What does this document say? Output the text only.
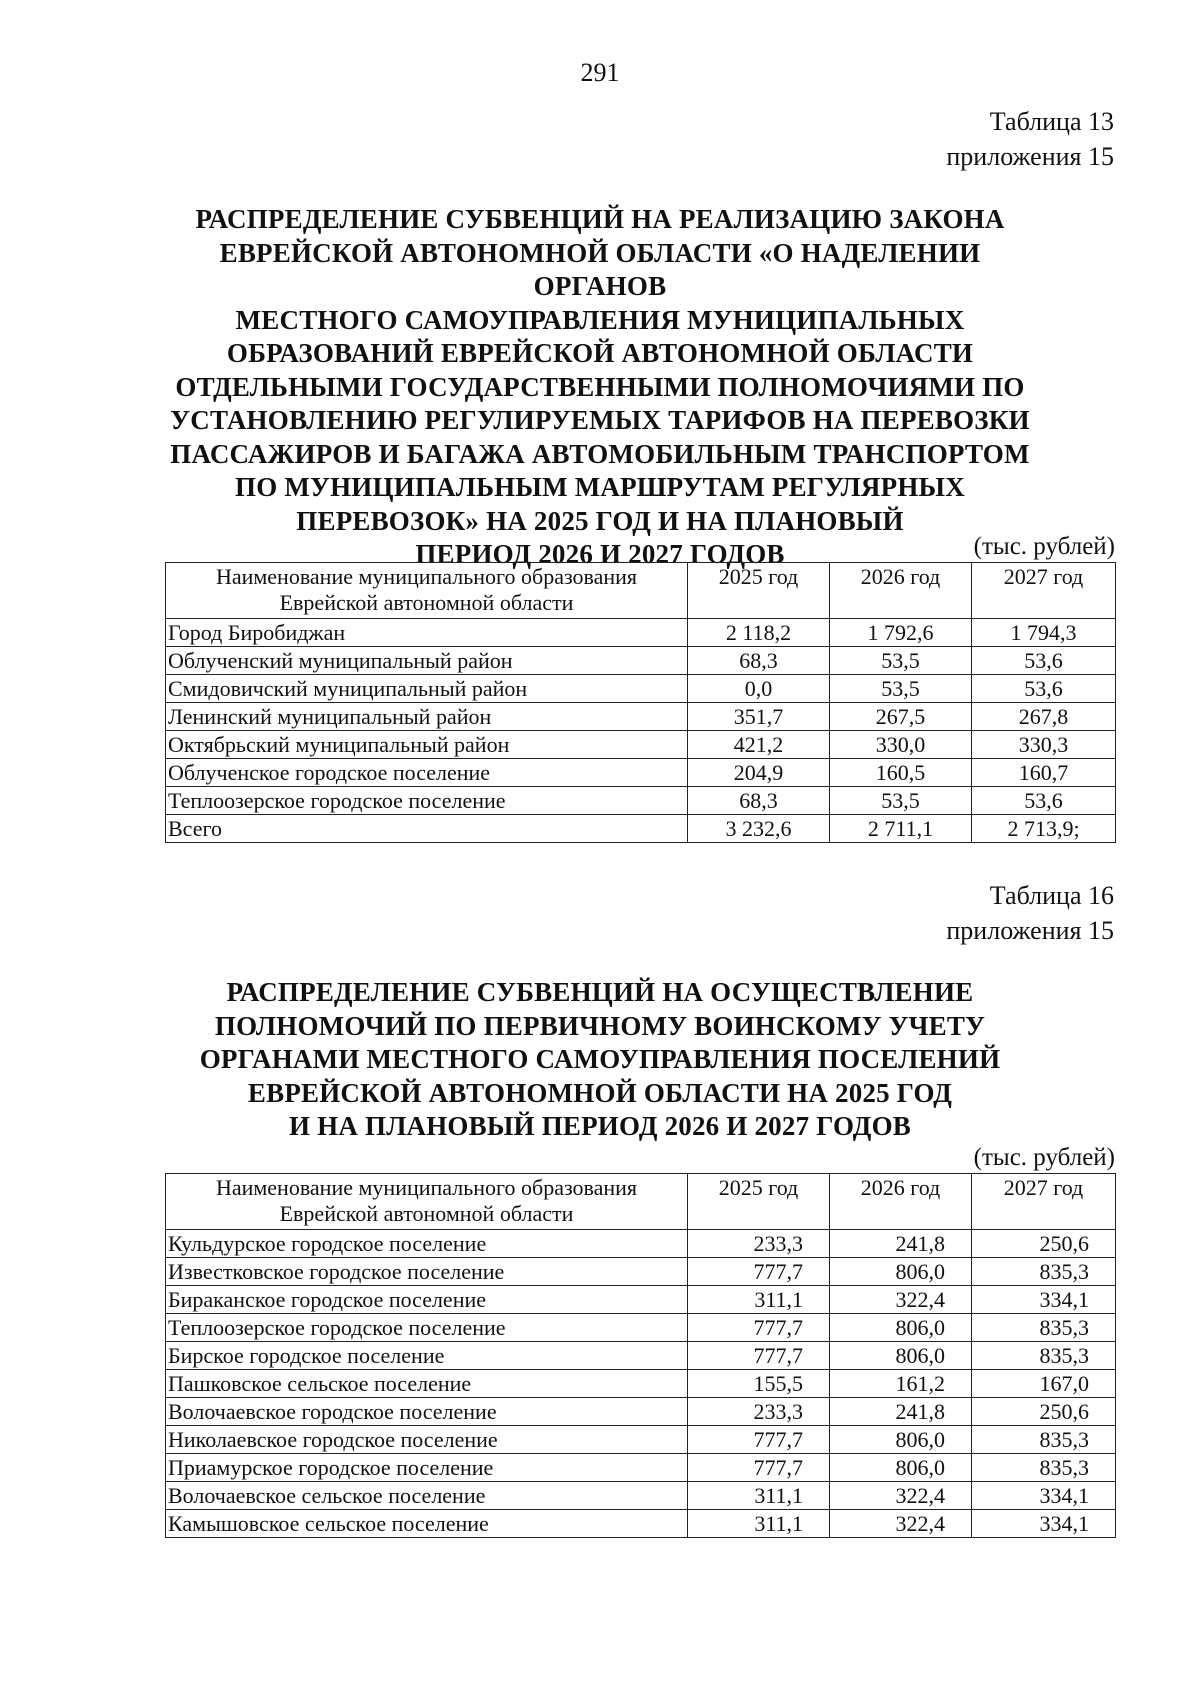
291
Таблица 13
приложения 15
РАСПРЕДЕЛЕНИЕ СУБВЕНЦИЙ НА РЕАЛИЗАЦИЮ ЗАКОНА
ЕВРЕЙСКОЙ АВТОНОМНОЙ ОБЛАСТИ «О НАДЕЛЕНИИ ОРГАНОВ
МЕСТНОГО САМОУПРАВЛЕНИЯ МУНИЦИПАЛЬНЫХ
ОБРАЗОВАНИЙ ЕВРЕЙСКОЙ АВТОНОМНОЙ ОБЛАСТИ
ОТДЕЛЬНЫМИ ГОСУДАРСТВЕННЫМИ ПОЛНОМОЧИЯМИ ПО
УСТАНОВЛЕНИЮ РЕГУЛИРУЕМЫХ ТАРИФОВ НА ПЕРЕВОЗКИ
ПАССАЖИРОВ И БАГАЖА АВТОМОБИЛЬНЫМ ТРАНСПОРТОМ
ПО МУНИЦИПАЛЬНЫМ МАРШРУТАМ РЕГУЛЯРНЫХ
ПЕРЕВОЗОК» НА 2025 ГОД И НА ПЛАНОВЫЙ
ПЕРИОД 2026 И 2027 ГОДОВ	(тыс. рублей)
Наименование муниципального образования
Еврейской автономной области	2025 год	2026 год	2027 год
Город Биробиджан	2 118,2	1 792,6	1 794,3
Облученский муниципальный район	68,3	53,5	53,6
Смидовичский муниципальный район	0,0	53,5	53,6
Ленинский муниципальный район	351,7	267,5	267,8
Октябрьский муниципальный район	421,2	330,0	330,3
Облученское городское поселение	204,9	160,5	160,7
Теплоозерское городское поселение	68,3	53,5	53,6
Всего	3 232,6	2 711,1	2 713,9;
Таблица 16
приложения 15
РАСПРЕДЕЛЕНИЕ СУБВЕНЦИЙ НА ОСУЩЕСТВЛЕНИЕ
ПОЛНОМОЧИЙ ПО ПЕРВИЧНОМУ ВОИНСКОМУ УЧЕТУ
ОРГАНАМИ МЕСТНОГО САМОУПРАВЛЕНИЯ ПОСЕЛЕНИЙ
ЕВРЕЙСКОЙ АВТОНОМНОЙ ОБЛАСТИ НА 2025 ГОД
И НА ПЛАНОВЫЙ ПЕРИОД 2026 И 2027 ГОДОВ
(тыс. рублей)
Наименование муниципального образования
Еврейской автономной области	2025 год	2026 год	2027 год
Кульдурское городское поселение	233,3	241,8	250,6
Известковское городское поселение	777,7	806,0	835,3
Бираканское городское поселение	311,1	322,4	334,1
Теплоозерское городское поселение	777,7	806,0	835,3
Бирское городское поселение	777,7	806,0	835,3
Пашковское сельское поселение	155,5	161,2	167,0
Волочаевское городское поселение	233,3	241,8	250,6
Николаевское городское поселение	777,7	806,0	835,3
Приамурское городское поселение	777,7	806,0	835,3
Волочаевское сельское поселение	311,1	322,4	334,1
Камышовское сельское поселение	311,1	322,4	334,1
